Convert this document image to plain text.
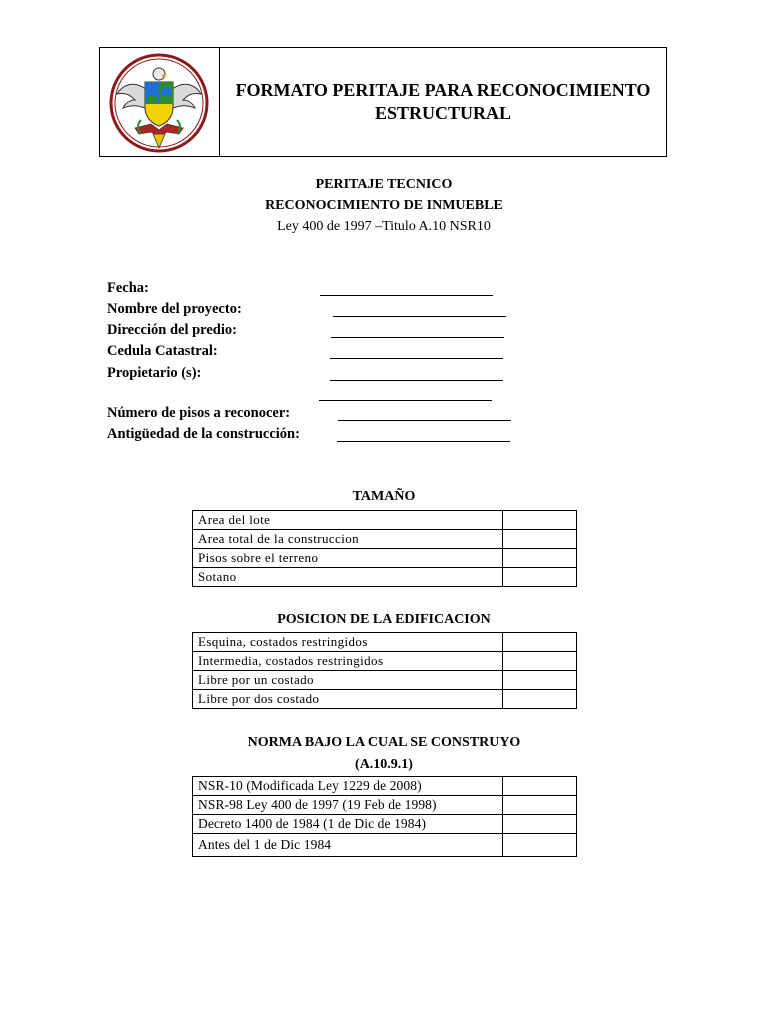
FORMATO PERITAJE PARA RECONOCIMIENTO ESTRUCTURAL
PERITAJE TECNICO
RECONOCIMIENTO DE INMUEBLE
Ley 400 de 1997 –Titulo A.10 NSR10
Fecha:
Nombre del proyecto:
Dirección del predio:
Cedula Catastral:
Propietario (s):
Número de pisos a reconocer:
Antigüedad de la construcción:
TAMAÑO
Area del lote	
Area total de la construccion	
Pisos sobre el terreno	
Sotano	
POSICION DE LA EDIFICACION
Esquina, costados restringidos	
Intermedia, costados restringidos	
Libre por un costado	
Libre por dos costado	
NORMA BAJO LA CUAL SE CONSTRUYO
(A.10.9.1)
NSR-10 (Modificada Ley 1229 de 2008)	
NSR-98 Ley 400 de 1997 (19 Feb de 1998)	
Decreto 1400 de 1984 (1 de Dic de 1984)	
Antes del 1 de Dic 1984	
